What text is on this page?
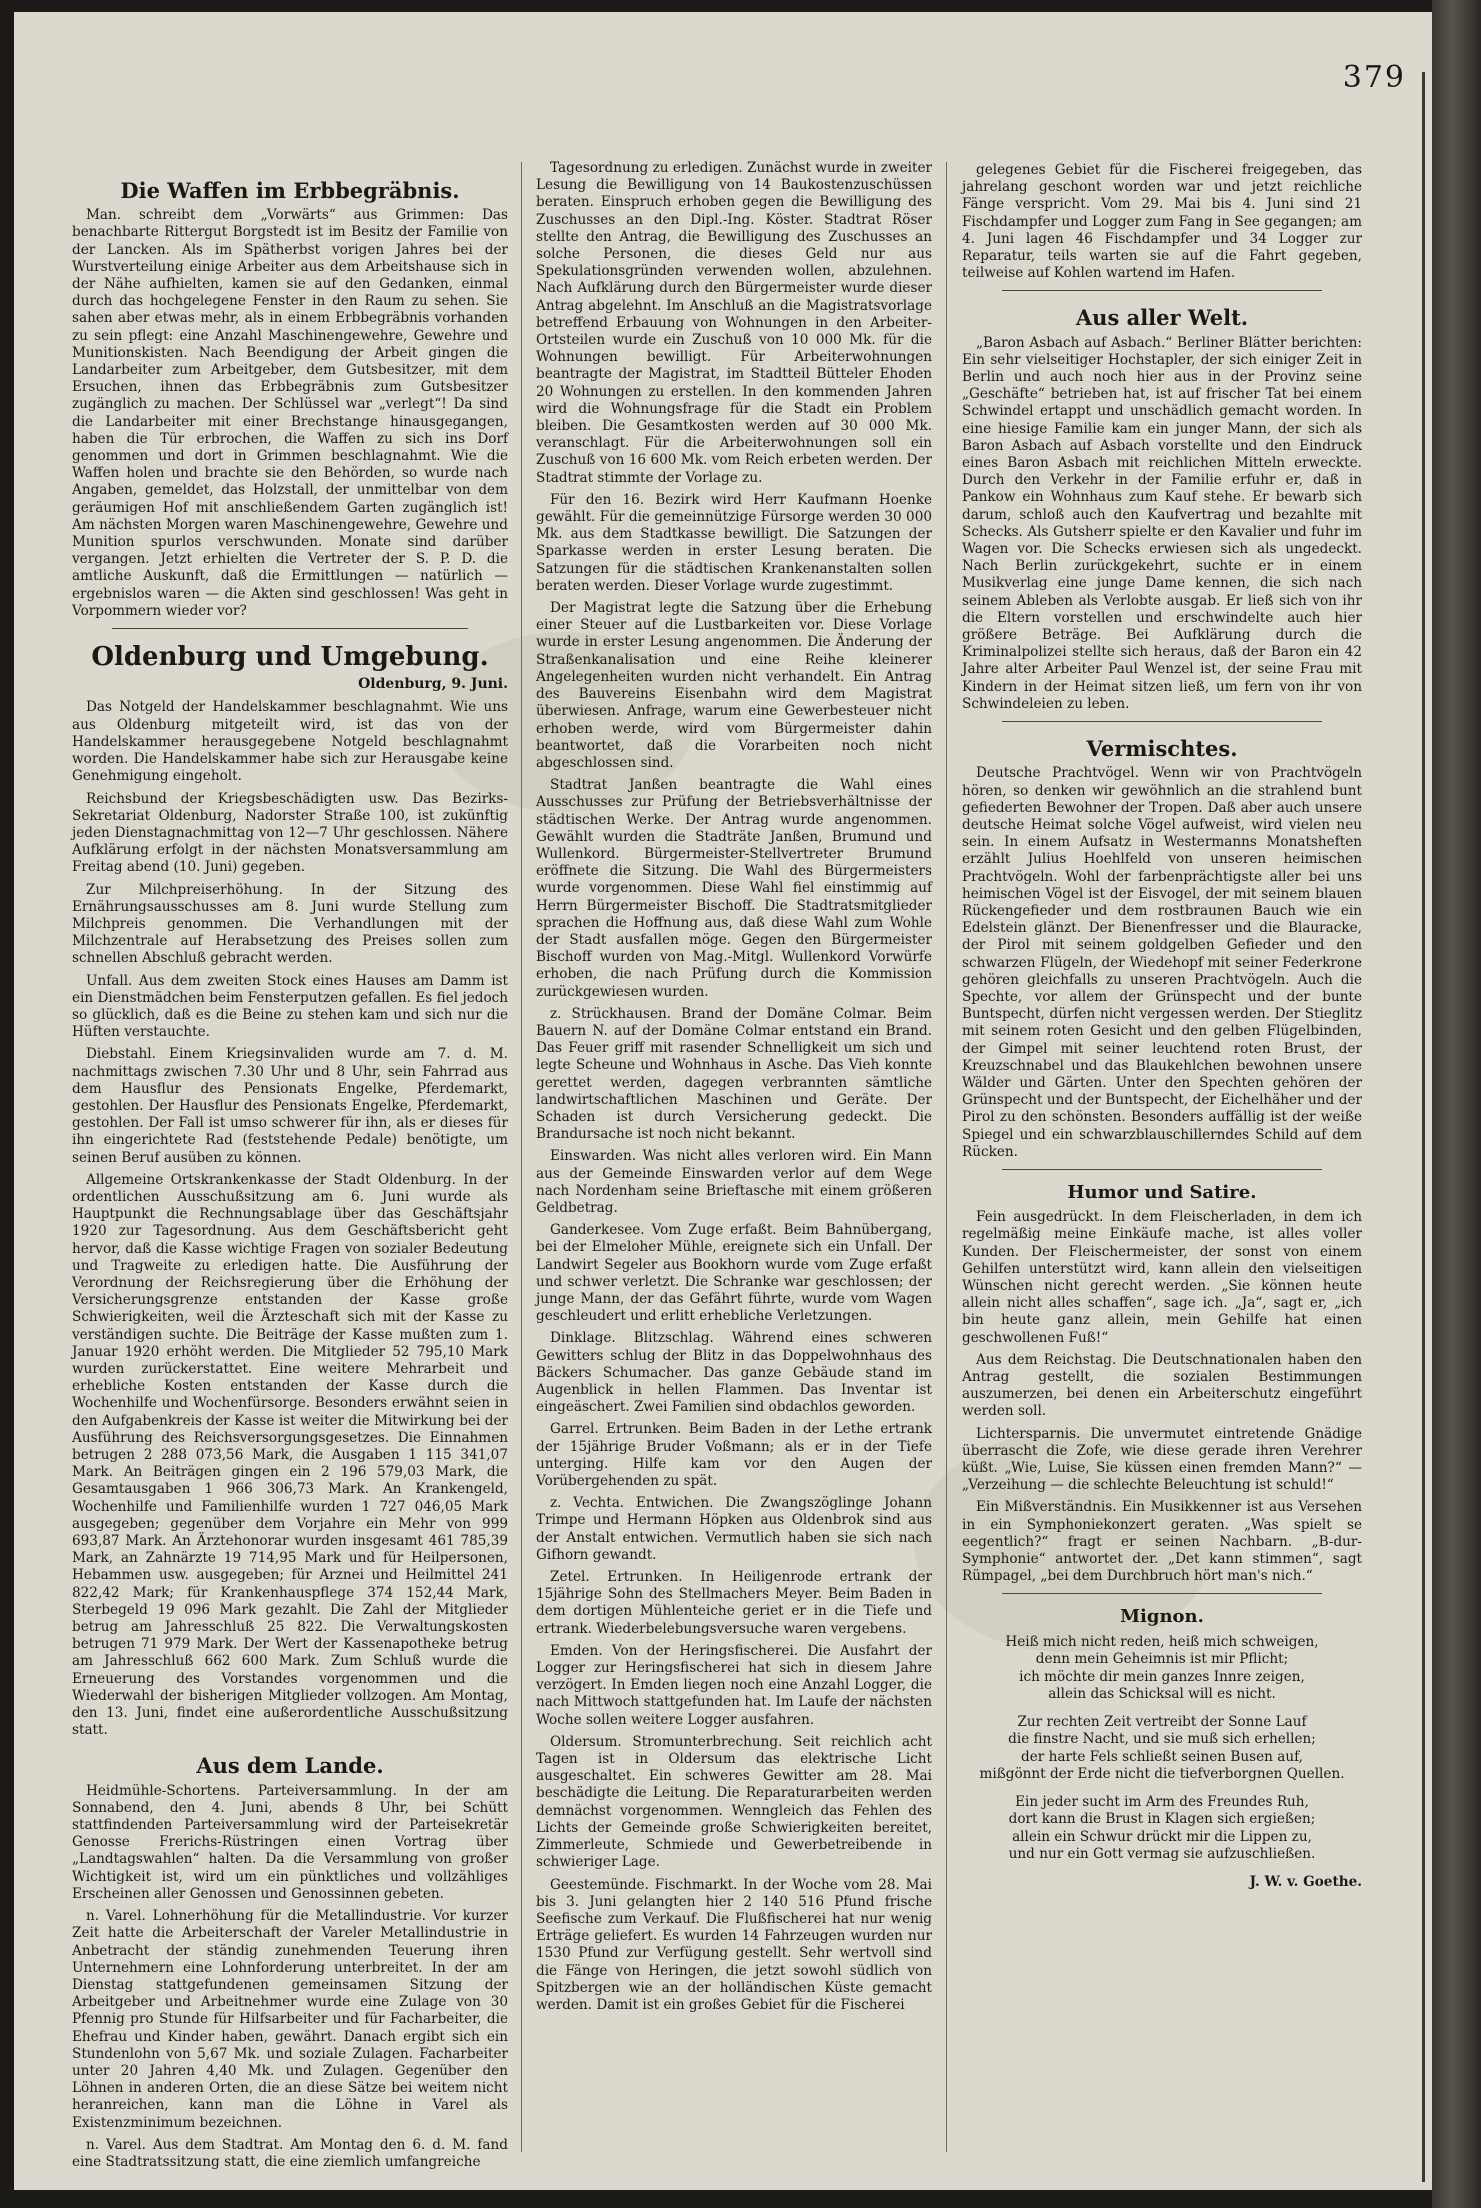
379
Die Waffen im Erbbegräbnis.

Man. schreibt dem „Vorwärts“ aus Grimmen: Das benachbarte Rittergut Borgstedt ist im Besitz der Familie von der Lancken. Als im Spätherbst vorigen Jahres bei der Wurstverteilung einige Arbeiter aus dem Arbeitshause sich in der Nähe aufhielten, kamen sie auf den Gedanken, einmal durch das hochgelegene Fenster in den Raum zu sehen. Sie sahen aber etwas mehr, als in einem Erbbegräbnis vorhanden zu sein pflegt: eine Anzahl Maschinengewehre, Gewehre und Munitionskisten. Nach Beendigung der Arbeit gingen die Landarbeiter zum Arbeitgeber, dem Gutsbesitzer, mit dem Ersuchen, ihnen das Erbbegräbnis zum Gutsbesitzer zugänglich zu machen. Der Schlüssel war „verlegt“! Da sind die Landarbeiter mit einer Brechstange hinausgegangen, haben die Tür erbrochen, die Waffen zu sich ins Dorf genommen und dort in Grimmen beschlagnahmt. Wie die Waffen holen und brachte sie den Behörden, so wurde nach Angaben, gemeldet, das Holzstall, der unmittelbar von dem geräumigen Hof mit anschließendem Garten zugänglich ist! Am nächsten Morgen waren Maschinengewehre, Gewehre und Munition spurlos verschwunden. Monate sind darüber vergangen. Jetzt erhielten die Vertreter der S. P. D. die amtliche Auskunft, daß die Ermittlungen — natürlich — ergebnislos waren — die Akten sind geschlossen! Was geht in Vorpommern wieder vor?

Oldenburg und Umgebung.
Oldenburg, 9. Juni.

Das Notgeld der Handelskammer beschlagnahmt. Wie uns aus Oldenburg mitgeteilt wird, ist das von der Handelskammer herausgegebene Notgeld beschlagnahmt worden. Die Handelskammer habe sich zur Herausgabe keine Genehmigung eingeholt.

Reichsbund der Kriegsbeschädigten usw. Das Bezirks-Sekretariat Oldenburg, Nadorster Straße 100, ist zukünftig jeden Dienstagnachmittag von 12—7 Uhr geschlossen. Nähere Aufklärung erfolgt in der nächsten Monatsversammlung am Freitag abend (10. Juni) gegeben.

Zur Milchpreiserhöhung. In der Sitzung des Ernährungsausschusses am 8. Juni wurde Stellung zum Milchpreis genommen. Die Verhandlungen mit der Milchzentrale auf Herabsetzung des Preises sollen zum schnellen Abschluß gebracht werden.

Unfall. Aus dem zweiten Stock eines Hauses am Damm ist ein Dienstmädchen beim Fensterputzen gefallen. Es fiel jedoch so glücklich, daß es die Beine zu stehen kam und sich nur die Hüften verstauchte.

Diebstahl. Einem Kriegsinvaliden wurde am 7. d. M. nachmittags zwischen 7.30 Uhr und 8 Uhr, sein Fahrrad aus dem Hausflur des Pensionats Engelke, Pferdemarkt, gestohlen. Der Hausflur des Pensionats Engelke, Pferdemarkt, gestohlen. Der Fall ist umso schwerer für ihn, als er dieses für ihn eingerichtete Rad (feststehende Pedale) benötigte, um seinen Beruf ausüben zu können.

Allgemeine Ortskrankenkasse der Stadt Oldenburg. In der ordentlichen Ausschußsitzung am 6. Juni wurde als Hauptpunkt die Rechnungsablage über das Geschäftsjahr 1920 zur Tagesordnung. Aus dem Geschäftsbericht geht hervor, daß die Kasse wichtige Fragen von sozialer Bedeutung und Tragweite zu erledigen hatte. Die Ausführung der Verordnung der Reichsregierung über die Erhöhung der Versicherungsgrenze entstanden der Kasse große Schwierigkeiten, weil die Ärzteschaft sich mit der Kasse zu verständigen suchte. Die Beiträge der Kasse mußten zum 1. Januar 1920 erhöht werden. Die Mitglieder 52 795,10 Mark wurden zurückerstattet. Eine weitere Mehrarbeit und erhebliche Kosten entstanden der Kasse durch die Wochenhilfe und Wochenfürsorge. Besonders erwähnt seien in den Aufgabenkreis der Kasse ist weiter die Mitwirkung bei der Ausführung des Reichsversorgungsgesetzes. Die Einnahmen betrugen 2 288 073,56 Mark, die Ausgaben 1 115 341,07 Mark. An Beiträgen gingen ein 2 196 579,03 Mark, die Gesamtausgaben 1 966 306,73 Mark. An Krankengeld, Wochenhilfe und Familienhilfe wurden 1 727 046,05 Mark ausgegeben; gegenüber dem Vorjahre ein Mehr von 999 693,87 Mark. An Ärztehonorar wurden insgesamt 461 785,39 Mark, an Zahnärzte 19 714,95 Mark und für Heilpersonen, Hebammen usw. ausgegeben; für Arznei und Heilmittel 241 822,42 Mark; für Krankenhauspflege 374 152,44 Mark, Sterbegeld 19 096 Mark gezahlt. Die Zahl der Mitglieder betrug am Jahresschluß 25 822. Die Verwaltungskosten betrugen 71 979 Mark. Der Wert der Kassenapotheke betrug am Jahresschluß 662 600 Mark. Zum Schluß wurde die Erneuerung des Vorstandes vorgenommen und die Wiederwahl der bisherigen Mitglieder vollzogen. Am Montag, den 13. Juni, findet eine außerordentliche Ausschußsitzung statt.

Aus dem Lande.

Heidmühle-Schortens. Parteiversammlung. In der am Sonnabend, den 4. Juni, abends 8 Uhr, bei Schütt stattfindenden Parteiversammlung wird der Parteisekretär Genosse Frerichs-Rüstringen einen Vortrag über „Landtagswahlen“ halten. Da die Versammlung von großer Wichtigkeit ist, wird um ein pünktliches und vollzähliges Erscheinen aller Genossen und Genossinnen gebeten.

n. Varel. Lohnerhöhung für die Metallindustrie. Vor kurzer Zeit hatte die Arbeiterschaft der Vareler Metallindustrie in Anbetracht der ständig zunehmenden Teuerung ihren Unternehmern eine Lohnforderung unterbreitet. In der am Dienstag stattgefundenen gemeinsamen Sitzung der Arbeitgeber und Arbeitnehmer wurde eine Zulage von 30 Pfennig pro Stunde für Hilfsarbeiter und für Facharbeiter, die Ehefrau und Kinder haben, gewährt. Danach ergibt sich ein Stundenlohn von 5,67 Mk. und soziale Zulagen. Facharbeiter unter 20 Jahren 4,40 Mk. und Zulagen. Gegenüber den Löhnen in anderen Orten, die an diese Sätze bei weitem nicht heranreichen, kann man die Löhne in Varel als Existenzminimum bezeichnen.

n. Varel. Aus dem Stadtrat. Am Montag den 6. d. M. fand eine Stadtratssitzung statt, die eine ziemlich umfangreiche

Tagesordnung zu erledigen. Zunächst wurde in zweiter Lesung die Bewilligung von 14 Baukostenzuschüssen beraten. Einspruch erhoben gegen die Bewilligung des Zuschusses an den Dipl.-Ing. Köster. Stadtrat Röser stellte den Antrag, die Bewilligung des Zuschusses an solche Personen, die dieses Geld nur aus Spekulationsgründen verwenden wollen, abzulehnen. Nach Aufklärung durch den Bürgermeister wurde dieser Antrag abgelehnt. Im Anschluß an die Magistratsvorlage betreffend Erbauung von Wohnungen in den Arbeiter-Ortsteilen wurde ein Zuschuß von 10 000 Mk. für die Wohnungen bewilligt. Für Arbeiterwohnungen beantragte der Magistrat, im Stadtteil Bütteler Ehoden 20 Wohnungen zu erstellen. In den kommenden Jahren wird die Wohnungsfrage für die Stadt ein Problem bleiben. Die Gesamtkosten werden auf 30 000 Mk. veranschlagt. Für die Arbeiterwohnungen soll ein Zuschuß von 16 600 Mk. vom Reich erbeten werden. Der Stadtrat stimmte der Vorlage zu.

Für den 16. Bezirk wird Herr Kaufmann Hoenke gewählt. Für die gemeinnützige Fürsorge werden 30 000 Mk. aus dem Stadtkasse bewilligt. Die Satzungen der Sparkasse werden in erster Lesung beraten. Die Satzungen für die städtischen Krankenanstalten sollen beraten werden. Dieser Vorlage wurde zugestimmt.

Der Magistrat legte die Satzung über die Erhebung einer Steuer auf die Lustbarkeiten vor. Diese Vorlage wurde in erster Lesung angenommen. Die Änderung der Straßenkanalisation und eine Reihe kleinerer Angelegenheiten wurden nicht verhandelt. Ein Antrag des Bauvereins Eisenbahn wird dem Magistrat überwiesen. Anfrage, warum eine Gewerbesteuer nicht erhoben werde, wird vom Bürgermeister dahin beantwortet, daß die Vorarbeiten noch nicht abgeschlossen sind.

Stadtrat Janßen beantragte die Wahl eines Ausschusses zur Prüfung der Betriebsverhältnisse der städtischen Werke. Der Antrag wurde angenommen. Gewählt wurden die Stadträte Janßen, Brumund und Wullenkord. Bürgermeister-Stellvertreter Brumund eröffnete die Sitzung. Die Wahl des Bürgermeisters wurde vorgenommen. Diese Wahl fiel einstimmig auf Herrn Bürgermeister Bischoff. Die Stadtratsmitglieder sprachen die Hoffnung aus, daß diese Wahl zum Wohle der Stadt ausfallen möge. Gegen den Bürgermeister Bischoff wurden von Mag.-Mitgl. Wullenkord Vorwürfe erhoben, die nach Prüfung durch die Kommission zurückgewiesen wurden.

z. Strückhausen. Brand der Domäne Colmar. Beim Bauern N. auf der Domäne Colmar entstand ein Brand. Das Feuer griff mit rasender Schnelligkeit um sich und legte Scheune und Wohnhaus in Asche. Das Vieh konnte gerettet werden, dagegen verbrannten sämtliche landwirtschaftlichen Maschinen und Geräte. Der Schaden ist durch Versicherung gedeckt. Die Brandursache ist noch nicht bekannt.

Einswarden. Was nicht alles verloren wird. Ein Mann aus der Gemeinde Einswarden verlor auf dem Wege nach Nordenham seine Brieftasche mit einem größeren Geldbetrag.

Ganderkesee. Vom Zuge erfaßt. Beim Bahnübergang, bei der Elmeloher Mühle, ereignete sich ein Unfall. Der Landwirt Segeler aus Bookhorn wurde vom Zuge erfaßt und schwer verletzt. Die Schranke war geschlossen; der junge Mann, der das Gefährt führte, wurde vom Wagen geschleudert und erlitt erhebliche Verletzungen.

Dinklage. Blitzschlag. Während eines schweren Gewitters schlug der Blitz in das Doppelwohnhaus des Bäckers Schumacher. Das ganze Gebäude stand im Augenblick in hellen Flammen. Das Inventar ist eingeäschert. Zwei Familien sind obdachlos geworden.

Garrel. Ertrunken. Beim Baden in der Lethe ertrank der 15jährige Bruder Voßmann; als er in der Tiefe unterging. Hilfe kam vor den Augen der Vorübergehenden zu spät.

z. Vechta. Entwichen. Die Zwangszöglinge Johann Trimpe und Hermann Höpken aus Oldenbrok sind aus der Anstalt entwichen. Vermutlich haben sie sich nach Gifhorn gewandt.

Zetel. Ertrunken. In Heiligenrode ertrank der 15jährige Sohn des Stellmachers Meyer. Beim Baden in dem dortigen Mühlenteiche geriet er in die Tiefe und ertrank. Wiederbelebungsversuche waren vergebens.

Emden. Von der Heringsfischerei. Die Ausfahrt der Logger zur Heringsfischerei hat sich in diesem Jahre verzögert. In Emden liegen noch eine Anzahl Logger, die nach Mittwoch stattgefunden hat. Im Laufe der nächsten Woche sollen weitere Logger ausfahren.

Oldersum. Stromunterbrechung. Seit reichlich acht Tagen ist in Oldersum das elektrische Licht ausgeschaltet. Ein schweres Gewitter am 28. Mai beschädigte die Leitung. Die Reparaturarbeiten werden demnächst vorgenommen. Wenngleich das Fehlen des Lichts der Gemeinde große Schwierigkeiten bereitet, Zimmerleute, Schmiede und Gewerbetreibende in schwieriger Lage.

Geestemünde. Fischmarkt. In der Woche vom 28. Mai bis 3. Juni gelangten hier 2 140 516 Pfund frische Seefische zum Verkauf. Die Flußfischerei hat nur wenig Erträge geliefert. Es wurden 14 Fahrzeugen wurden nur 1530 Pfund zur Verfügung gestellt. Sehr wertvoll sind die Fänge von Heringen, die jetzt sowohl südlich von Spitzbergen wie an der holländischen Küste gemacht werden. Damit ist ein großes Gebiet für die Fischerei

gelegenes Gebiet für die Fischerei freigegeben, das jahrelang geschont worden war und jetzt reichliche Fänge verspricht. Vom 29. Mai bis 4. Juni sind 21 Fischdampfer und Logger zum Fang in See gegangen; am 4. Juni lagen 46 Fischdampfer und 34 Logger zur Reparatur, teils warten sie auf die Fahrt gegeben, teilweise auf Kohlen wartend im Hafen.

Aus aller Welt.

„Baron Asbach auf Asbach.“ Berliner Blätter berichten: Ein sehr vielseitiger Hochstapler, der sich einiger Zeit in Berlin und auch noch hier aus in der Provinz seine „Geschäfte“ betrieben hat, ist auf frischer Tat bei einem Schwindel ertappt und unschädlich gemacht worden. In eine hiesige Familie kam ein junger Mann, der sich als Baron Asbach auf Asbach vorstellte und den Eindruck eines Baron Asbach mit reichlichen Mitteln erweckte. Durch den Verkehr in der Familie erfuhr er, daß in Pankow ein Wohnhaus zum Kauf stehe. Er bewarb sich darum, schloß auch den Kaufvertrag und bezahlte mit Schecks. Als Gutsherr spielte er den Kavalier und fuhr im Wagen vor. Die Schecks erwiesen sich als ungedeckt. Nach Berlin zurückgekehrt, suchte er in einem Musikverlag eine junge Dame kennen, die sich nach seinem Ableben als Verlobte ausgab. Er ließ sich von ihr die Eltern vorstellen und erschwindelte auch hier größere Beträge. Bei Aufklärung durch die Kriminalpolizei stellte sich heraus, daß der Baron ein 42 Jahre alter Arbeiter Paul Wenzel ist, der seine Frau mit Kindern in der Heimat sitzen ließ, um fern von ihr von Schwindeleien zu leben.

Vermischtes.

Deutsche Prachtvögel. Wenn wir von Prachtvögeln hören, so denken wir gewöhnlich an die strahlend bunt gefiederten Bewohner der Tropen. Daß aber auch unsere deutsche Heimat solche Vögel aufweist, wird vielen neu sein. In einem Aufsatz in Westermanns Monatsheften erzählt Julius Hoehlfeld von unseren heimischen Prachtvögeln. Wohl der farbenprächtigste aller bei uns heimischen Vögel ist der Eisvogel, der mit seinem blauen Rückengefieder und dem rostbraunen Bauch wie ein Edelstein glänzt. Der Bienenfresser und die Blauracke, der Pirol mit seinem goldgelben Gefieder und den schwarzen Flügeln, der Wiedehopf mit seiner Federkrone gehören gleichfalls zu unseren Prachtvögeln. Auch die Spechte, vor allem der Grünspecht und der bunte Buntspecht, dürfen nicht vergessen werden. Der Stieglitz mit seinem roten Gesicht und den gelben Flügelbinden, der Gimpel mit seiner leuchtend roten Brust, der Kreuzschnabel und das Blaukehlchen bewohnen unsere Wälder und Gärten. Unter den Spechten gehören der Grünspecht und der Buntspecht, der Eichelhäher und der Pirol zu den schönsten. Besonders auffällig ist der weiße Spiegel und ein schwarzblauschillerndes Schild auf dem Rücken.

Humor und Satire.

Fein ausgedrückt. In dem Fleischerladen, in dem ich regelmäßig meine Einkäufe mache, ist alles voller Kunden. Der Fleischermeister, der sonst von einem Gehilfen unterstützt wird, kann allein den vielseitigen Wünschen nicht gerecht werden. „Sie können heute allein nicht alles schaffen“, sage ich. „Ja“, sagt er, „ich bin heute ganz allein, mein Gehilfe hat einen geschwollenen Fuß!“

Aus dem Reichstag. Die Deutschnationalen haben den Antrag gestellt, die sozialen Bestimmungen auszumerzen, bei denen ein Arbeiterschutz eingeführt werden soll.

Lichtersparnis. Die unvermutet eintretende Gnädige überrascht die Zofe, wie diese gerade ihren Verehrer küßt. „Wie, Luise, Sie küssen einen fremden Mann?“ — „Verzeihung — die schlechte Beleuchtung ist schuld!“

Ein Mißverständnis. Ein Musikkenner ist aus Versehen in ein Symphoniekonzert geraten. „Was spielt se eegentlich?“ fragt er seinen Nachbarn. „B-dur-Symphonie“ antwortet der. „Det kann stimmen“, sagt Rümpagel, „bei dem Durchbruch hört man's nich.“

Mignon.
Heiß mich nicht reden, heiß mich schweigen,
denn mein Geheimnis ist mir Pflicht;
ich möchte dir mein ganzes Innre zeigen,
allein das Schicksal will es nicht.
Zur rechten Zeit vertreibt der Sonne Lauf
die finstre Nacht, und sie muß sich erhellen;
der harte Fels schließt seinen Busen auf,
mißgönnt der Erde nicht die tiefverborgnen Quellen.
Ein jeder sucht im Arm des Freundes Ruh,
dort kann die Brust in Klagen sich ergießen;
allein ein Schwur drückt mir die Lippen zu,
und nur ein Gott vermag sie aufzuschließen.
J. W. v. Goethe.
